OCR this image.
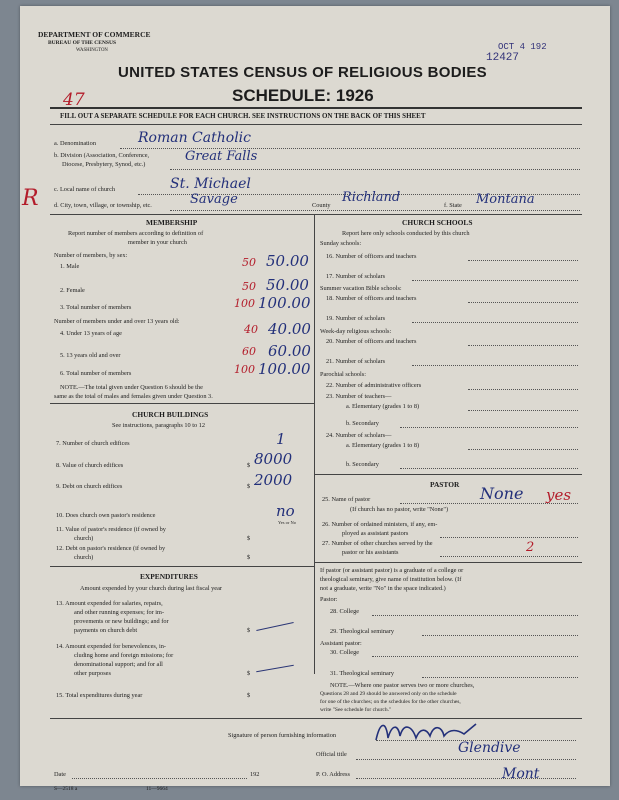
DEPARTMENT OF COMMERCE
BUREAU OF THE CENSUS
WASHINGTON	OCT 4 192
12427
UNITED STATES CENSUS OF RELIGIOUS BODIES
SCHEDULE: 1926
47
R
FILL OUT A SEPARATE SCHEDULE FOR EACH CHURCH. SEE INSTRUCTIONS ON THE BACK OF THIS SHEET
a. Denomination	Roman Catholic
b. Division (Association, Conference,
Diocese, Presbytery, Synod, etc.)
Great Falls
c. Local name of church	St. Michael
d. City, town, village, or township, etc.	Savage	County
Richland
f. State Montana
MEMBERSHIP
Report number of members according to definition of
member in your church
Number of members, by sex:
1. Male	50 50.00
2. Female	50 50.00
3. Total number of members	100 100.00
Number of members under and over 13 years old:
4. Under 13 years of age	40 40.00
5. 13 years old and over	60 60.00
6. Total number of members	100 100.00
NOTE.—The total given under Question 6 should be the
same as the total of males and females given under Question 3.
CHURCH BUILDINGS
See instructions, paragraphs 10 to 12
7. Number of church edifices	1
8. Value of church edifices	$ 8000
9. Debt on church edifices	$ 2000
10. Does church own pastor's residence	no
Yes or No
11. Value of pastor's residence (if owned by
church)	$
12. Debt on pastor's residence (if owned by
church)	$
EXPENDITURES
Amount expended by your church during last fiscal year
13. Amount expended for salaries, repairs,
and other running expenses; for im-
provements or new buildings; and for
payments on church debt	$
14. Amount expended for benevolences, in-
cluding home and foreign missions; for
denominational support; and for all
other purposes	$
15. Total expenditures during year	$
CHURCH SCHOOLS
Report here only schools conducted by this church
Sunday schools:
16. Number of officers and teachers
17. Number of scholars
Summer vacation Bible schools:
18. Number of officers and teachers
19. Number of scholars
Week-day religious schools:
20. Number of officers and teachers
21. Number of scholars
Parochial schools:
22. Number of administrative officers
23. Number of teachers—
a. Elementary (grades 1 to 8)
b. Secondary
24. Number of scholars—
a. Elementary (grades 1 to 8)
b. Secondary
PASTOR
25. Name of pastor	None yes
(If church has no pastor, write "None")
26. Number of ordained ministers, if any, em-
ployed as assistant pastors
27. Number of other churches served by the
pastor or his assistants	2
If pastor (or assistant pastor) is a graduate of a college or
theological seminary, give name of institution below. (If
not a graduate, write "No" in the space indicated.)
Pastor:
28. College
29. Theological seminary
Assistant pastor:
30. College
31. Theological seminary
NOTE.—Where one pastor serves two or more churches,
Questions 28 and 29 should be answered only on the schedule
for one of the churches; on the schedules for the other churches,
write "See schedule for church."
Signature of person furnishing information
Official title	Glendive
Date	192	P. O. Address	Mont
S—2518 a	11—9664
